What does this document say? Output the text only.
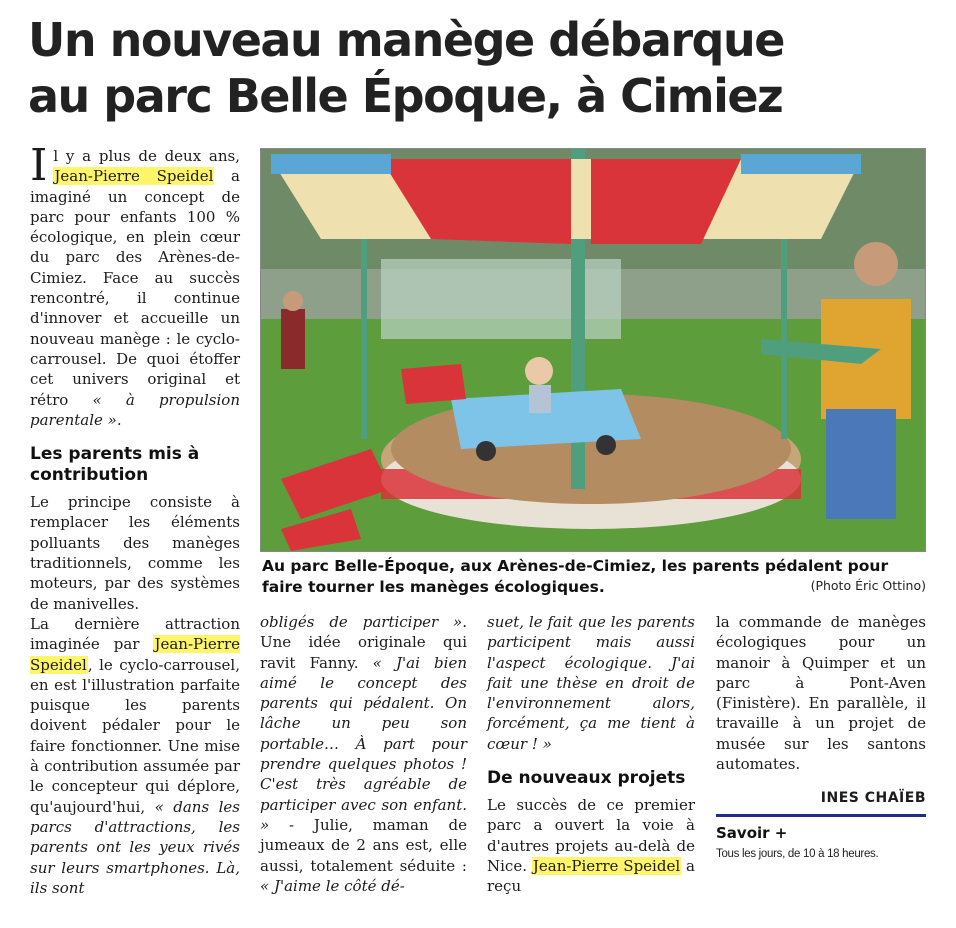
Un nouveau manège débarque
au parc Belle Époque, à Cimiez

Il y a plus de deux ans, Jean-Pierre Speidel a imaginé un concept de parc pour enfants 100 % écologique, en plein cœur du parc des Arènes-de-Cimiez. Face au succès rencontré, il continue d'innover et accueille un nouveau manège : le cyclo-carrousel. De quoi étoffer cet univers original et rétro « à propulsion parentale ».

Les parents mis à contribution

Le principe consiste à remplacer les éléments polluants des manèges traditionnels, comme les moteurs, par des systèmes de manivelles.

La dernière attraction imaginée par Jean-Pierre Speidel, le cyclo-carrousel, en est l'illustration parfaite puisque les parents doivent pédaler pour le faire fonctionner. Une mise à contribution assumée par le concepteur qui déplore, qu'aujourd'hui, « dans les parcs d'attractions, les parents ont les yeux rivés sur leurs smartphones. Là, ils sont

Au parc Belle-Époque, aux Arènes-de-Cimiez, les parents pédalent pour faire tourner les manèges écologiques.	(Photo Éric Ottino)

obligés de participer ». Une idée originale qui ravit Fanny. « J'ai bien aimé le concept des parents qui pédalent. On lâche un peu son portable… À part pour prendre quelques photos ! C'est très agréable de participer avec son enfant. » - Julie, maman de jumeaux de 2 ans est, elle aussi, totalement séduite : « J'aime le côté dé-

suet, le fait que les parents participent mais aussi l'aspect écologique. J'ai fait une thèse en droit de l'environnement alors, forcément, ça me tient à cœur ! »

De nouveaux projets

Le succès de ce premier parc a ouvert la voie à d'autres projets au-delà de Nice. Jean-Pierre Speidel a reçu

la commande de manèges écologiques pour un manoir à Quimper et un parc à Pont-Aven (Finistère). En parallèle, il travaille à un projet de musée sur les santons automates.

INES CHAÏEB
Savoir +
Tous les jours, de 10 à 18 heures.
